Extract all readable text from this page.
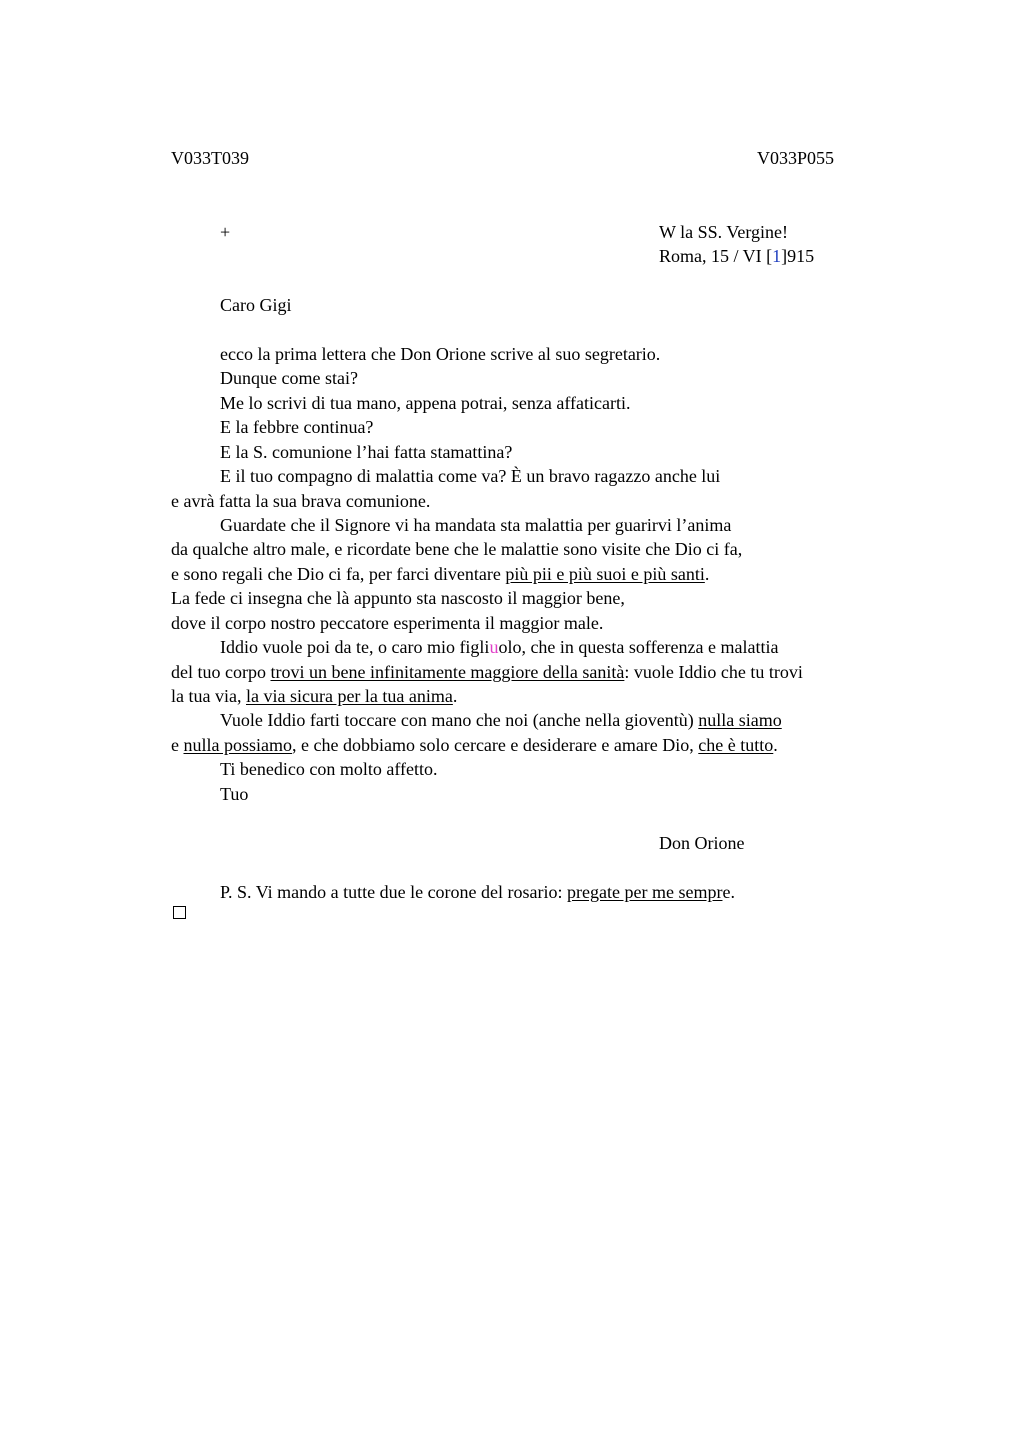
V033T039	V033P055
+	W la SS. Vergine!
Roma, 15 / VI [1]915
Caro Gigi
ecco la prima lettera che Don Orione scrive al suo segretario.
Dunque come stai?
Me lo scrivi di tua mano, appena potrai, senza affaticarti.
E la febbre continua?
E la S. comunione l’hai fatta stamattina?
E il tuo compagno di malattia come va? È un bravo ragazzo anche lui
e avrà fatta la sua brava comunione.
Guardate che il Signore vi ha mandata sta malattia per guarirvi l’anima
da qualche altro male, e ricordate bene che le malattie sono visite che Dio ci fa,
e sono regali che Dio ci fa, per farci diventare più pii e più suoi e più santi.
La fede ci insegna che là appunto sta nascosto il maggior bene,
dove il corpo nostro peccatore esperimenta il maggior male.
Iddio vuole poi da te, o caro mio figliuolo, che in questa sofferenza e malattia
del tuo corpo trovi un bene infinitamente maggiore della sanità: vuole Iddio che tu trovi
la tua via, la via sicura per la tua anima.
Vuole Iddio farti toccare con mano che noi (anche nella gioventù) nulla siamo
e nulla possiamo, e che dobbiamo solo cercare e desiderare e amare Dio, che è tutto.
Ti benedico con molto affetto.
Tuo
Don Orione
P. S. Vi mando a tutte due le corone del rosario: pregate per me sempre.
